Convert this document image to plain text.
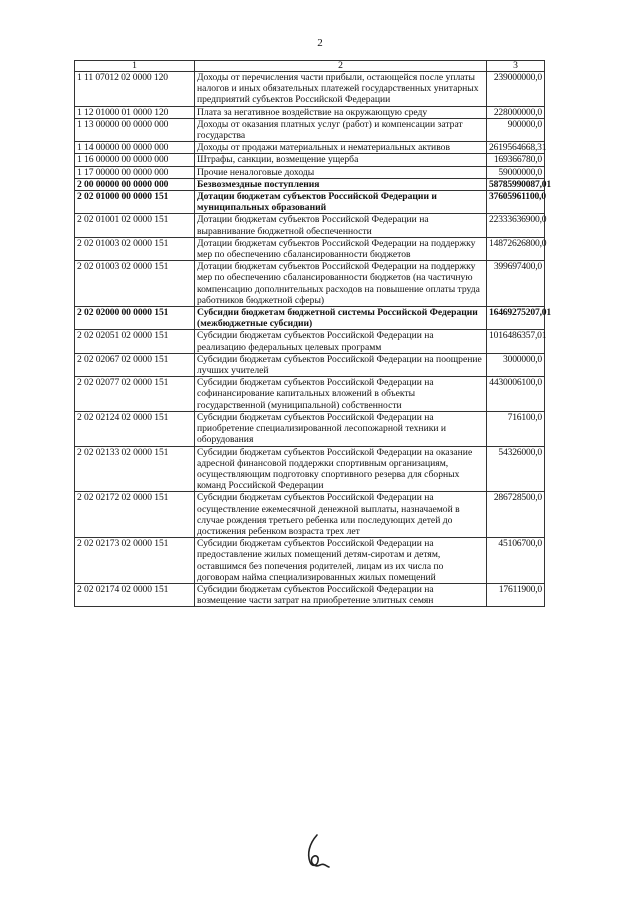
2
1	2	3
1 11 07012 02 0000 120	Доходы от перечисления части прибыли, остающейся после уплаты налогов и иных обязательных платежей государственных унитарных предприятий субъектов Российской Федерации	239000000,0
1 12 01000 01 0000 120	Плата за негативное воздействие на окружающую среду	228000000,0
1 13 00000 00 0000 000	Доходы от оказания платных услуг (работ) и компенсации затрат государства	900000,0
1 14 00000 00 0000 000	Доходы от продажи материальных и нематериальных активов	2619564668,31
1 16 00000 00 0000 000	Штрафы, санкции, возмещение ущерба	169366780,0
1 17 00000 00 0000 000	Прочие неналоговые доходы	59000000,0
2 00 00000 00 0000 000	Безвозмездные поступления	58785990087,01
2 02 01000 00 0000 151	Дотации бюджетам субъектов Российской Федерации и муниципальных образований	37605961100,0
2 02 01001 02 0000 151	Дотации бюджетам субъектов Российской Федерации на выравнивание бюджетной обеспеченности	22333636900,0
2 02 01003 02 0000 151	Дотации бюджетам субъектов Российской Федерации на поддержку мер по обеспечению сбалансированности бюджетов	14872626800,0
2 02 01003 02 0000 151	Дотации бюджетам субъектов Российской Федерации на поддержку мер по обеспечению сбалансированности бюджетов (на частичную компенсацию дополнительных расходов на повышение оплаты труда работников бюджетной сферы)	399697400,0
2 02 02000 00 0000 151	Субсидии бюджетам бюджетной системы Российской Федерации (межбюджетные субсидии)	16469275207,01
2 02 02051 02 0000 151	Субсидии бюджетам субъектов Российской Федерации на реализацию федеральных целевых программ	1016486357,01
2 02 02067 02 0000 151	Субсидии бюджетам субъектов Российской Федерации на поощрение лучших учителей	3000000,0
2 02 02077 02 0000 151	Субсидии бюджетам субъектов Российской Федерации на софинансирование капитальных вложений в объекты государственной (муниципальной) собственности	4430006100,0
2 02 02124 02 0000 151	Субсидии бюджетам субъектов Российской Федерации на приобретение специализированной лесопожарной техники и оборудования	716100,0
2 02 02133 02 0000 151	Субсидии бюджетам субъектов Российской Федерации на оказание адресной финансовой поддержки спортивным организациям, осуществляющим подготовку спортивного резерва для сборных команд Российской Федерации	54326000,0
2 02 02172 02 0000 151	Субсидии бюджетам субъектов Российской Федерации на осуществление ежемесячной денежной выплаты, назначаемой в случае рождения третьего ребенка или последующих детей до достижения ребенком возраста трех лет	286728500,0
2 02 02173 02 0000 151	Субсидии бюджетам субъектов Российской Федерации на предоставление жилых помещений детям-сиротам и детям, оставшимся без попечения родителей, лицам из их числа по договорам найма специализированных жилых помещений	45106700,0
2 02 02174 02 0000 151	Субсидии бюджетам субъектов Российской Федерации на возмещение части затрат на приобретение элитных семян	17611900,0
